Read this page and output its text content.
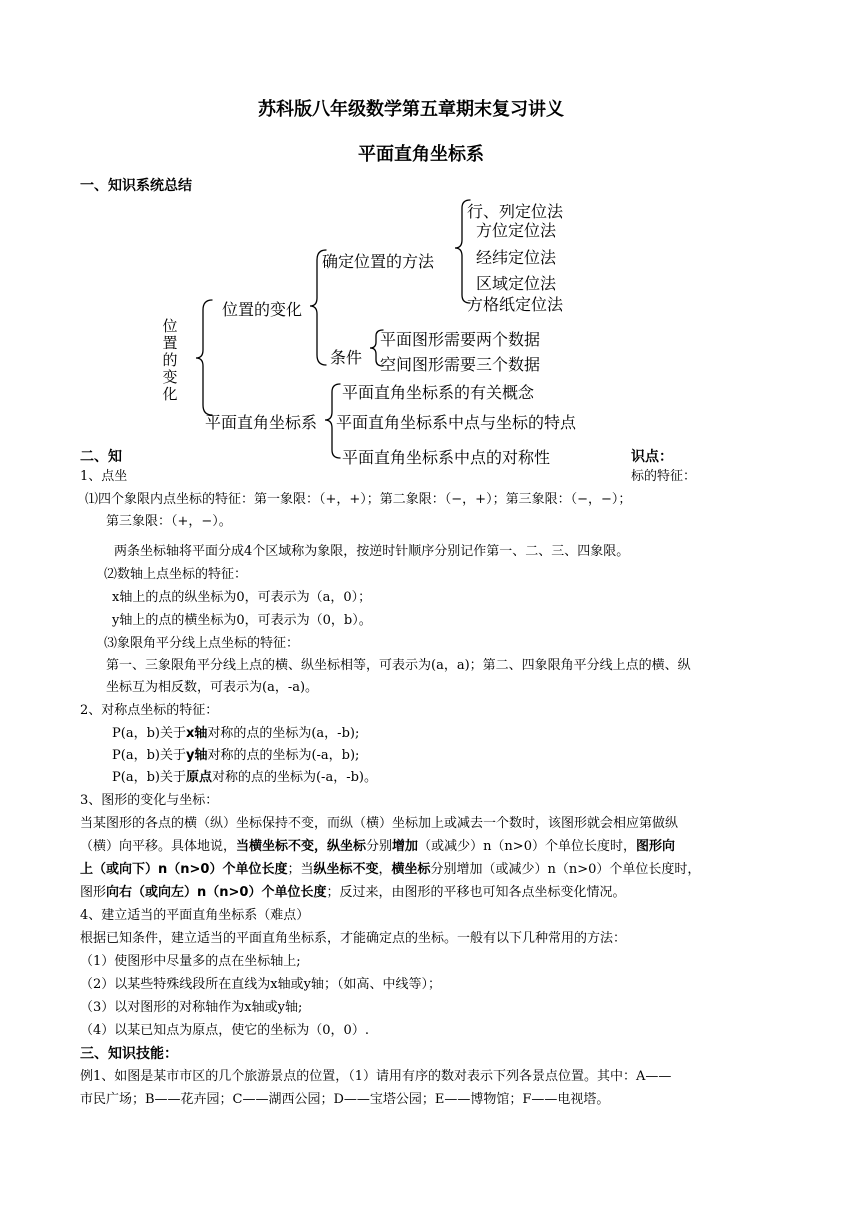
苏科版八年级数学第五章期末复习讲义
平面直角坐标系
一、知识系统总结
位置的变化
位置的变化
确定位置的方法
行、列定位法
方位定位法
经纬定位法
区域定位法
方格纸定位法
条件
平面图形需要两个数据
空间图形需要三个数据
平面直角坐标系
平面直角坐标系的有关概念
平面直角坐标系中点与坐标的特点
平面直角坐标系中点的对称性
二、知	识点：
1、点坐	标的特征：
⑴四个象限内点坐标的特征：第一象限：（+，+）；第二象限：（−，+）；第三象限：（−，−）；
第三象限：（+，−）。
两条坐标轴将平面分成4个区域称为象限，按逆时针顺序分别记作第一、二、三、四象限。
⑵数轴上点坐标的特征：
x轴上的点的纵坐标为0，可表示为（a，0）；
y轴上的点的横坐标为0，可表示为（0，b）。
⑶象限角平分线上点坐标的特征：
第一、三象限角平分线上点的横、纵坐标相等，可表示为(a，a)；第二、四象限角平分线上点的横、纵
坐标互为相反数，可表示为(a，-a)。
2、对称点坐标的特征：
P(a，b)关于x轴对称的点的坐标为(a，-b);
P(a，b)关于y轴对称的点的坐标为(-a，b);
P(a，b)关于原点对称的点的坐标为(-a，-b)。
3、图形的变化与坐标：
当某图形的各点的横（纵）坐标保持不变，而纵（横）坐标加上或减去一个数时，该图形就会相应第做纵
（横）向平移。具体地说，当横坐标不变，纵坐标分别增加（或减少）n（n>0）个单位长度时，图形向
上（或向下）n（n>0）个单位长度；当纵坐标不变，横坐标分别增加（或减少）n（n>0）个单位长度时，
图形向右（或向左）n（n>0）个单位长度；反过来，由图形的平移也可知各点坐标变化情况。
4、建立适当的平面直角坐标系（难点）
根据已知条件，建立适当的平面直角坐标系，才能确定点的坐标。一般有以下几种常用的方法：
（1）使图形中尽量多的点在坐标轴上;
（2）以某些特殊线段所在直线为x轴或y轴；（如高、中线等）；
（3）以对图形的对称轴作为x轴或y轴;
（4）以某已知点为原点，使它的坐标为（0，0）.
三、知识技能：
例1、如图是某市市区的几个旅游景点的位置，（1）请用有序的数对表示下列各景点位置。其中：A——
市民广场；B——花卉园；C——湖西公园；D——宝塔公园；E——博物馆；F——电视塔。
